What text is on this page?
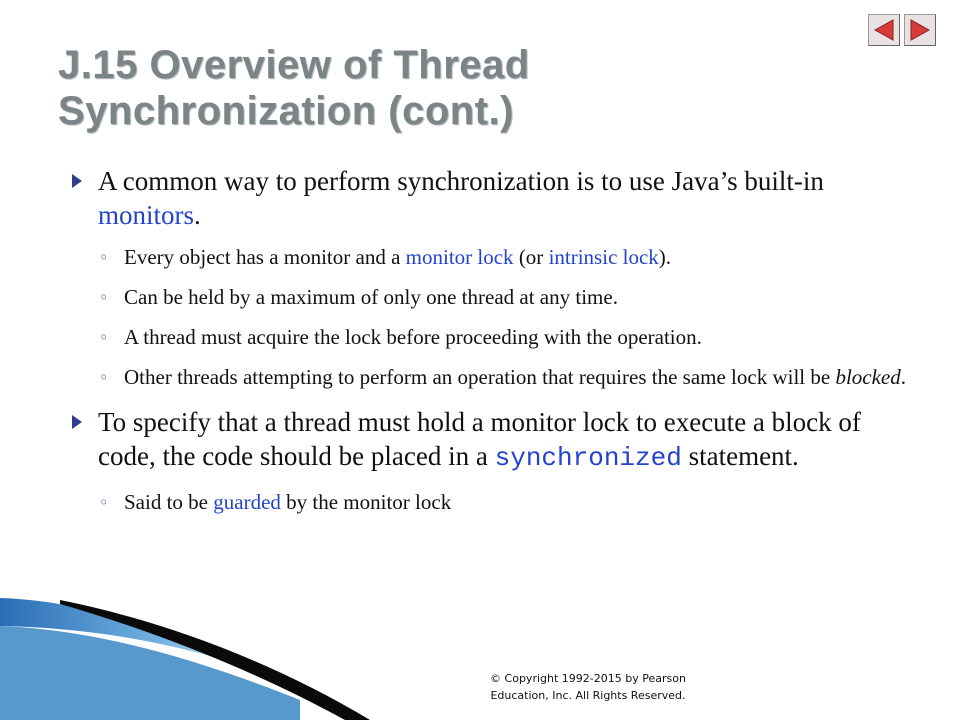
J.15 Overview of Thread
Synchronization (cont.)
A common way to perform synchronization is to use Java’s built-in monitors.
◦ Every object has a monitor and a monitor lock (or intrinsic lock).
◦ Can be held by a maximum of only one thread at any time.
◦ A thread must acquire the lock before proceeding with the operation.
◦ Other threads attempting to perform an operation that requires the same lock will be blocked.
To specify that a thread must hold a monitor lock to execute a block of code, the code should be placed in a synchronized statement.
◦ Said to be guarded by the monitor lock
© Copyright 1992-2015 by Pearson
Education, Inc. All Rights Reserved.
